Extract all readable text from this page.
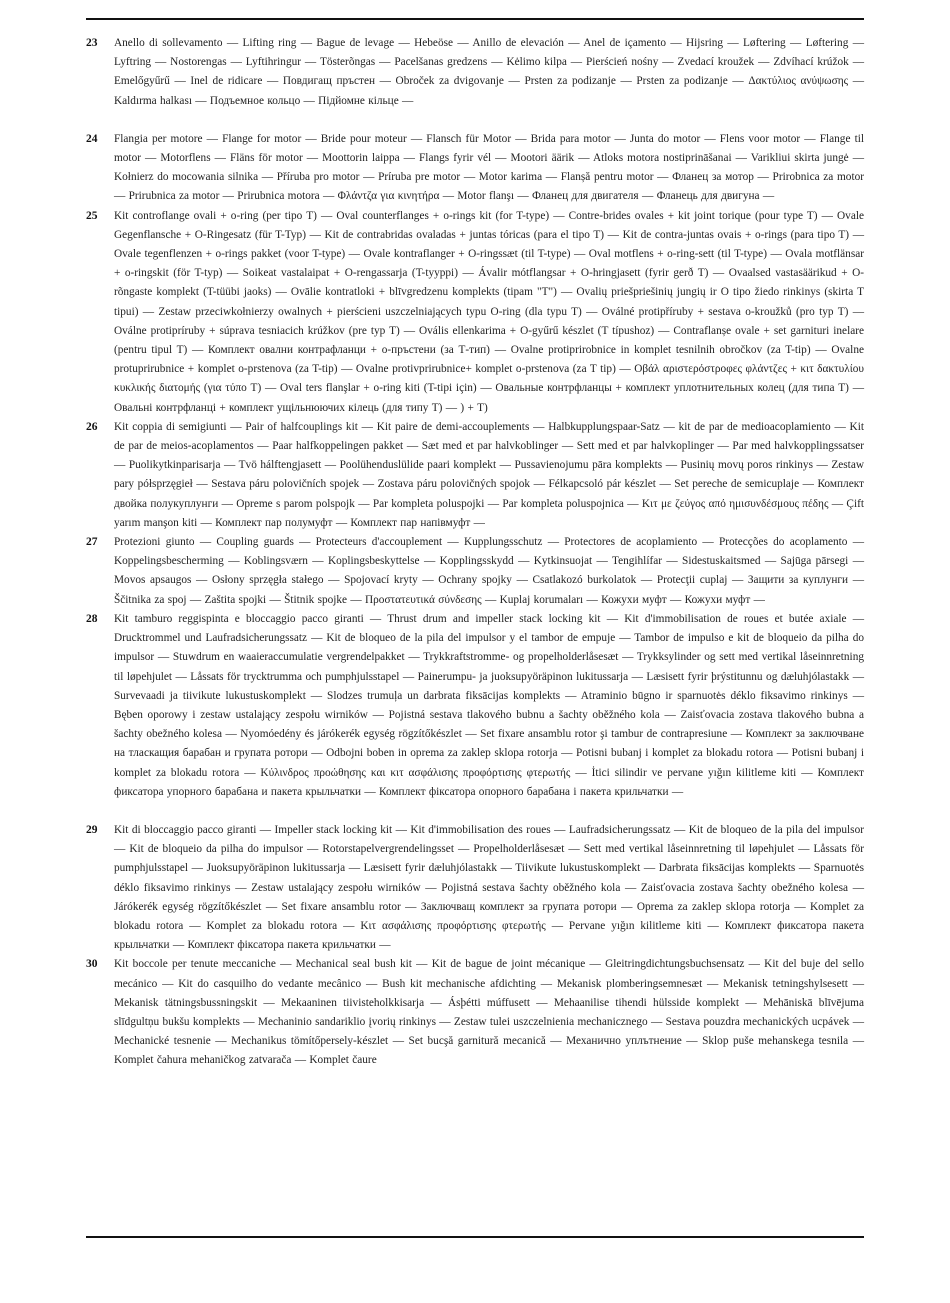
23	Anello di sollevamento — Lifting ring — Bague de levage — Hebeöse — Anillo de elevación — Anel de içamento — Hijsring — Løftering — Løftering — Lyftring — Nostorengas — Lyftihringur — Tösterõngas — Pacelšanas gredzens — Kėlimo kilpa — Pierścień nośny — Zvedací kroužek — Zdvíhací krúžok — Emelőgyűrű — Inel de ridicare — Повдигащ пръстен — Obroček za dvigovanje — Prsten za podizanje — Prsten za podizanje — Δακτύλιος ανύψωσης — Kaldırma halkası — Подъемное кольцо — Підйомне кільце —
24	Flangia per motore — Flange for motor — Bride pour moteur — Flansch für Motor — Brida para motor — Junta do motor — Flens voor motor — Flange til motor — Motorflens — Fläns för motor — Moottorin laippa — Flangs fyrir vél — Mootori äärik — Atloks motora nostiprināšanai — Varikliui skirta jungė — Kołnierz do mocowania silnika — Příruba pro motor — Príruba pre motor — Motor karima — Flanșă pentru motor — Фланец за мотор — Prirobnica za motor — Prirubnica za motor — Prirubnica motora — Φλάντζα για κινητήρα — Motor flanşı — Фланец для двигателя — Фланець для двигуна —
25	Kit controflange ovali + o-ring (per tipo T) — Oval counterflanges + o-rings kit (for T-type) — Contre-brides ovales + kit joint torique (pour type T) — Ovale Gegenflansche + O-Ringesatz (für T-Typ) — Kit de contrabridas ovaladas + juntas tóricas (para el tipo T) — Kit de contra-juntas ovais + o-rings (para tipo T) — Ovale tegenflenzen + o-rings pakket (voor T-type) — Ovale kontraflanger + O-ringssæt (til T-type) — Oval motflens + o-ring-sett (til T-type) — Ovala motflänsar + o-ringskit (för T-typ) — Soikeat vastalaipat + O-rengassarja (T-tyyppi) — Ávalir mótflangsar + O-hringjasett (fyrir gerð T) — Ovaalsed vastasäärikud + O-rõngaste komplekt (T-tüübi jaoks) — Ovālie kontratloki + blīvgredzenu komplekts (tipam "T") — Ovalių priešpriešinių jungių ir O tipo žiedo rinkinys (skirta T tipui) — Zestaw przeciwkołnierzy owalnych + pierścieni uszczelniających typu O-ring (dla typu T) — Oválné protipříruby + sestava o-kroužků (pro typ T) — Oválne protipríruby + súprava tesniacich krúžkov (pre typ T) — Ovális ellenkarima + O-gyűrű készlet (T típushoz) — Contraflanșe ovale + set garnituri inelare (pentru tipul T) — Комплект овални контрафланци + о-пръстени (за Т-тип) — Ovalne protiprirobnice in komplet tesnilnih obročkov (za T-tip) — Ovalne protuprirubnice + komplet o-prstenova (za T-tip) — Ovalne protivprirubnice+ komplet o-prstenova (za T tip) — Οβάλ αριστερόστροφες φλάντζες + κιτ δακτυλίου κυκλικής διατομής (για τύπο T) — Oval ters flanşlar + o-ring kiti (T-tipi için) — Овальные контрфланцы + комплект уплотнительных колец (для типа T) — Овальні контрфланці + комплект ущільнюючих кілець (для типу T) — ) + T)
26	Kit coppia di semigiunti — Pair of halfcouplings kit — Kit paire de demi-accouplements — Halbkupplungspaar-Satz — kit de par de medioacoplamiento — Kit de par de meios-acoplamentos — Paar halfkoppelingen pakket — Sæt med et par halvkoblinger — Sett med et par halvkoplinger — Par med halvkopplingssatser — Puolikytkinparisarja — Tvö hálftengjasett — Poolühenduslülide paari komplekt — Pussavienojumu pāra komplekts — Pusinių movų poros rinkinys — Zestaw pary półsprzęgieł — Sestava páru polovičních spojek — Zostava páru polovičných spojok — Félkapcsoló pár készlet — Set pereche de semicuplaje — Комплект двойка полукуплунги — Opreme s parom polspojk — Par kompleta poluspojki — Par kompleta poluspojnica — Κιτ με ζεύγος από ημισυνδέσμους πέδης — Çift yarım manşon kiti — Комплект пар полумуфт — Комплект пар напівмуфт —
27	Protezioni giunto — Coupling guards — Protecteurs d'accouplement — Kupplungsschutz — Protectores de acoplamiento — Protecções do acoplamento — Koppelingsbescherming — Koblingsværn — Koplingsbeskyttelse — Kopplingsskydd — Kytkinsuojat — Tengihlífar — Sidestuskaitsmed — Sajūga pārsegi — Movos apsaugos — Osłony sprzęgła stałego — Spojovací kryty — Ochrany spojky — Csatlakozó burkolatok — Protecţii cuplaj — Защити за куплунги — Ščitnika za spoj — Zaštita spojki — Štitnik spojke — Προστατευτικά σύνδεσης — Kuplaj korumaları — Кожухи муфт — Кожухи муфт —
28	Kit tamburo reggispinta e bloccaggio pacco giranti — Thrust drum and impeller stack locking kit — Kit d'immobilisation de roues et butée axiale — Drucktrommel und Laufradsicherungssatz — Kit de bloqueo de la pila del impulsor y el tambor de empuje — Tambor de impulso e kit de bloqueio da pilha do impulsor — Stuwdrum en waaieraccumulatie vergrendelpakket — Trykkraftstromme- og propelholderlåsesæt — Trykksylinder og sett med vertikal låseinnretning til løpehjulet — Låssats för trycktrumma och pumphjulsstapel — Painerumpu- ja juoksupyöräpinon lukitussarja — Læsisett fyrir þrýstitunnu og dæluhjólastakk — Survevaadi ja tiivikute lukustuskomplekt — Slodzes trumuļa un darbrata fiksācijas komplekts — Atraminio būgno ir sparnuotės déklo fiksavimo rinkinys — Bęben oporowy i zestaw ustalający zespołu wirników — Pojistná sestava tlakového bubnu a šachty oběžného kola — Zaisťovacia zostava tlakového bubna a šachty obežného kolesa — Nyomóedény és járókerék egység rögzítőkészlet — Set fixare ansamblu rotor şi tambur de contrapresiune — Комплект за заключване на тласкащия барабан и групата ротори — Odbojni boben in oprema za zaklep sklopa rotorja — Potisni bubanj i komplet za blokadu rotora — Potisni bubanj i komplet za blokadu rotora — Κύλινδρος προώθησης και κιτ ασφάλισης προφόρτισης φτερωτής — İtici silindir ve pervane yığın kilitleme kiti — Комплект фиксатора упорного барабана и пакета крыльчатки — Комплект фіксатора опорного барабана і пакета крильчатки —
29	Kit di bloccaggio pacco giranti — Impeller stack locking kit — Kit d'immobilisation des roues — Laufradsicherungssatz — Kit de bloqueo de la pila del impulsor — Kit de bloqueio da pilha do impulsor — Rotorstapelvergrendelingsset — Propelholderlåsesæt — Sett med vertikal låseinnretning til løpehjulet — Låssats för pumphjulsstapel — Juoksupyöräpinon lukitussarja — Læsisett fyrir dæluhjólastakk — Tiivikute lukustuskomplekt — Darbrata fiksācijas komplekts — Sparnuotės déklo fiksavimo rinkinys — Zestaw ustalający zespołu wirników — Pojistná sestava šachty oběžného kola — Zaisťovacia zostava šachty obežného kolesa — Járókerék egység rögzítőkészlet — Set fixare ansamblu rotor — Заключващ комплект за групата ротори — Oprema za zaklep sklopa rotorja — Komplet za blokadu rotora — Komplet za blokadu rotora — Κιτ ασφάλισης προφόρτισης φτερωτής — Pervane yığın kilitleme kiti — Комплект фиксатора пакета крыльчатки — Комплект фіксатора пакета крильчатки —
30	Kit boccole per tenute meccaniche — Mechanical seal bush kit — Kit de bague de joint mécanique — Gleitringdichtungsbuchsensatz — Kit del buje del sello mecánico — Kit do casquilho do vedante mecânico — Bush kit mechanische afdichting — Mekanisk plomberingsemnesæt — Mekanisk tetningshylsesett — Mekanisk tätningsbussningskit — Mekaaninen tiivisteholkkisarja — Ásþétti múffusett — Mehaanilise tihendi hülsside komplekt — Mehāniskā blīvējuma slīdgultņu bukšu komplekts — Mechaninio sandariklio įvorių rinkinys — Zestaw tulei uszczelnienia mechanicznego — Sestava pouzdra mechanických ucpávek — Mechanické tesnenie — Mechanikus tömítőpersely-készlet — Set bucşă garnitură mecanică — Механично уплътнение — Sklop puše mehanskega tesnila — Komplet čahura mehaničkog zatvarača — Komplet čaure
